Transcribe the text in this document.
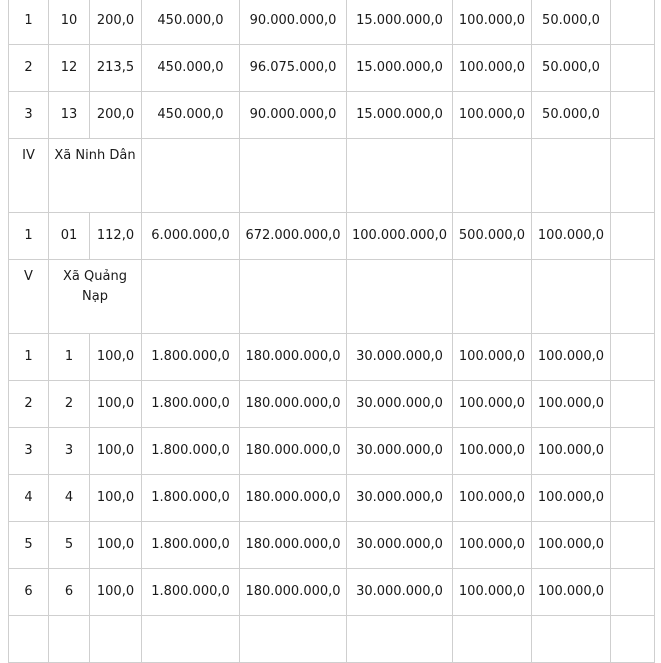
1	10	200,0	450.000,0	90.000.000,0	15.000.000,0	100.000,0	50.000,0	
2	12	213,5	450.000,0	96.075.000,0	15.000.000,0	100.000,0	50.000,0	
3	13	200,0	450.000,0	90.000.000,0	15.000.000,0	100.000,0	50.000,0	
IV	Xã Ninh Dân							
1	01	112,0	6.000.000,0	672.000.000,0	100.000.000,0	500.000,0	100.000,0	
V	Xã Quảng Nạp							
1	1	100,0	1.800.000,0	180.000.000,0	30.000.000,0	100.000,0	100.000,0	
2	2	100,0	1.800.000,0	180.000.000,0	30.000.000,0	100.000,0	100.000,0	
3	3	100,0	1.800.000,0	180.000.000,0	30.000.000,0	100.000,0	100.000,0	
4	4	100,0	1.800.000,0	180.000.000,0	30.000.000,0	100.000,0	100.000,0	
5	5	100,0	1.800.000,0	180.000.000,0	30.000.000,0	100.000,0	100.000,0	
6	6	100,0	1.800.000,0	180.000.000,0	30.000.000,0	100.000,0	100.000,0	
